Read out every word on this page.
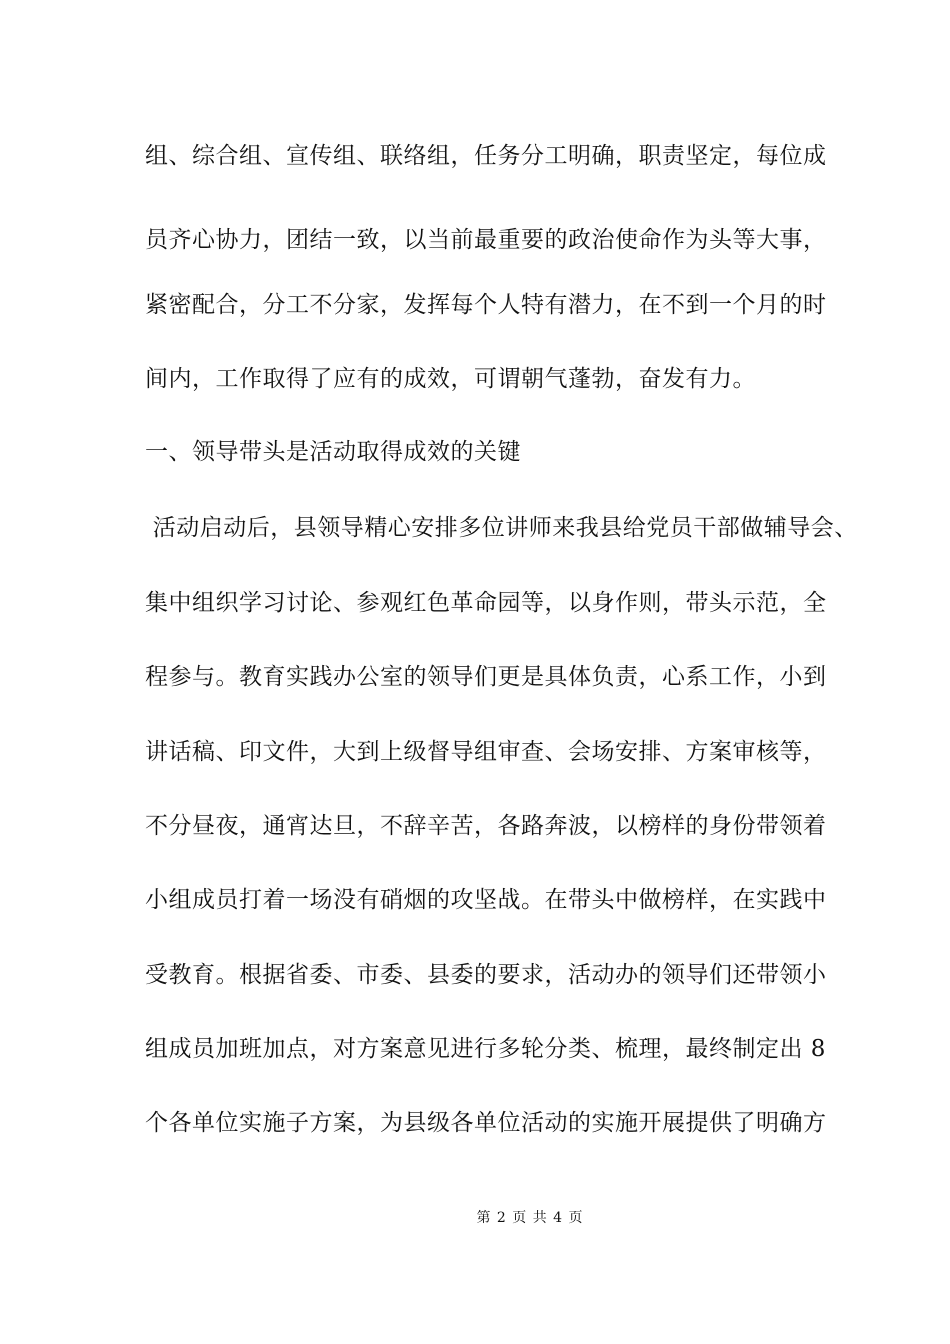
组、综合组、宣传组、联络组，任务分工明确，职责坚定，每位成
员齐心协力，团结一致，以当前最重要的政治使命作为头等大事，
紧密配合，分工不分家，发挥每个人特有潜力，在不到一个月的时
间内，工作取得了应有的成效，可谓朝气蓬勃，奋发有力。
一、领导带头是活动取得成效的关键
活动启动后，县领导精心安排多位讲师来我县给党员干部做辅导会、
集中组织学习讨论、参观红色革命园等，以身作则，带头示范，全
程参与。教育实践办公室的领导们更是具体负责，心系工作，小到
讲话稿、印文件，大到上级督导组审查、会场安排、方案审核等，
不分昼夜，通宵达旦，不辞辛苦，各路奔波，以榜样的身份带领着
小组成员打着一场没有硝烟的攻坚战。在带头中做榜样，在实践中
受教育。根据省委、市委、县委的要求，活动办的领导们还带领小
组成员加班加点，对方案意见进行多轮分类、梳理，最终制定出 8
个各单位实施子方案，为县级各单位活动的实施开展提供了明确方
第 2 页 共 4 页
